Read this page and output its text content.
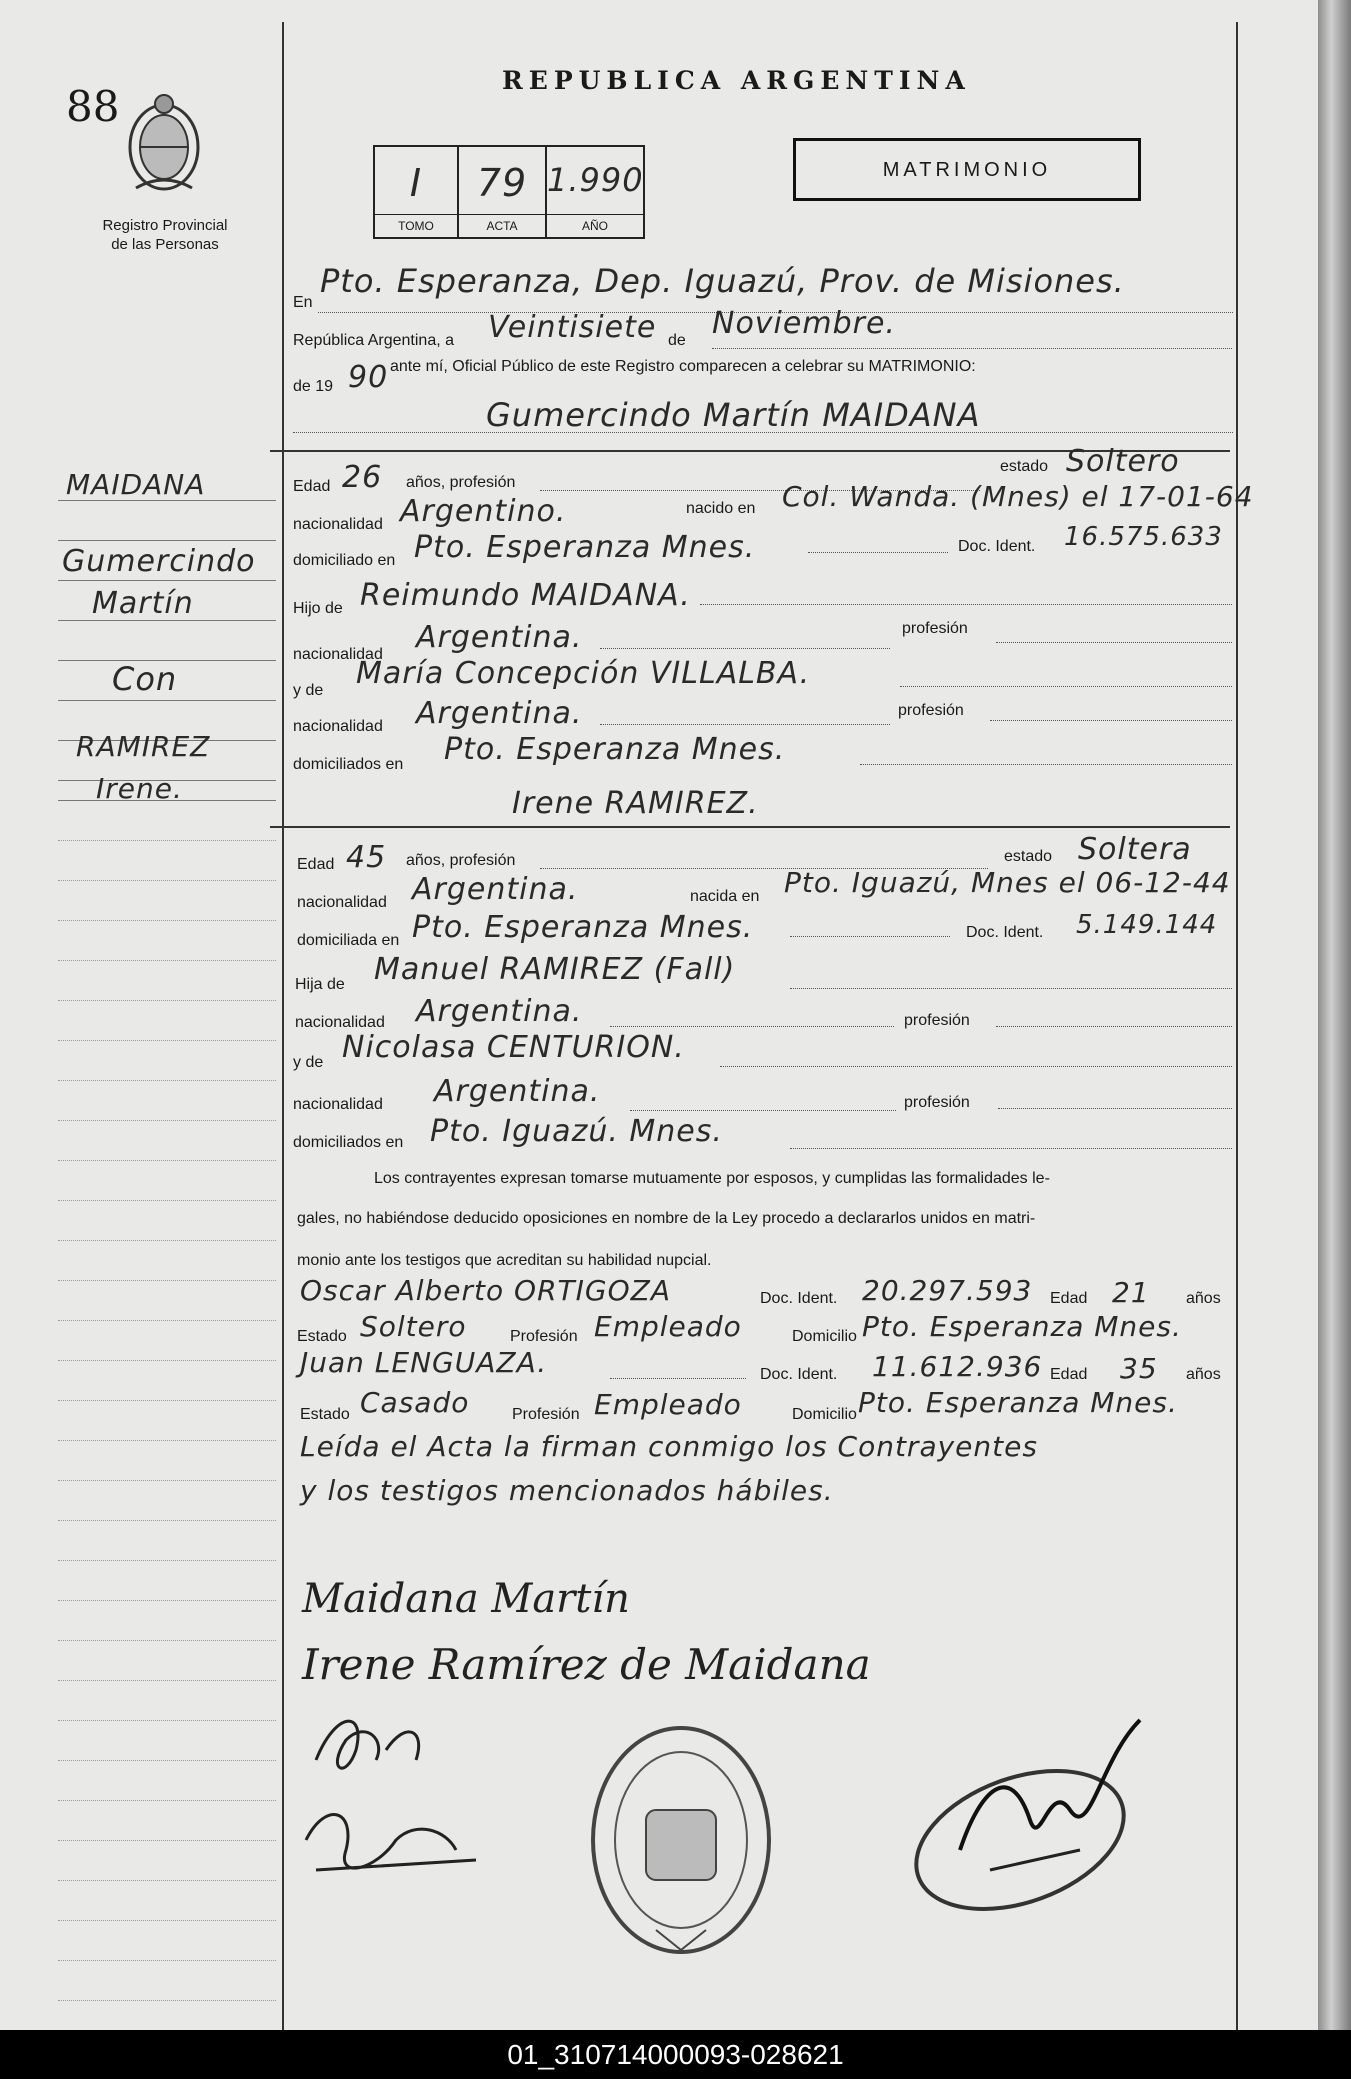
88
Registro Provincial
de las Personas
REPUBLICA ARGENTINA
I
TOMO
79
ACTA
1.990
AÑO
MATRIMONIO
MAIDANA
Gumercindo
Martín
Con
RAMIREZ
Irene.
En
Pto. Esperanza, Dep. Iguazú, Prov. de Misiones.
República Argentina, a Veintisiete de Noviembre.
de 19 90 ante mí, Oficial Público de este Registro comparecen a celebrar su MATRIMONIO:
Gumercindo Martín MAIDANA
Edad 26 años, profesión
estado Soltero
nacionalidad Argentino.	nacido en Col. Wanda. (Mnes) el 17-01-64
domiciliado en Pto. Esperanza Mnes.	Doc. Ident. 16.575.633
Hijo de Reimundo MAIDANA.
nacionalidad Argentina.	profesión
y de María Concepción VILLALBA.
nacionalidad Argentina.	profesión
domiciliados en Pto. Esperanza Mnes.
Irene RAMIREZ.
Edad 45 años, profesión	estado Soltera
nacionalidad Argentina.	nacida en Pto. Iguazú, Mnes el 06-12-44
domiciliada en Pto. Esperanza Mnes.	Doc. Ident. 5.149.144
Hija de Manuel RAMIREZ (Fall)
nacionalidad Argentina.	profesión
y de Nicolasa CENTURION.
nacionalidad Argentina.	profesión
domiciliados en Pto. Iguazú. Mnes.
Los contrayentes expresan tomarse mutuamente por esposos, y cumplidas las formalidades le-
gales, no habiéndose deducido oposiciones en nombre de la Ley procedo a declararlos unidos en matri-
monio ante los testigos que acreditan su habilidad nupcial.
Oscar Alberto ORTIGOZA	Doc. Ident. 20.297.593 Edad 21 años
Estado Soltero	Profesión Empleado	Domicilio Pto. Esperanza Mnes.
Juan LENGUAZA.	Doc. Ident. 11.612.936 Edad 35 años
Estado Casado	Profesión Empleado	Domicilio Pto. Esperanza Mnes.
Leída el Acta la firman conmigo los Contrayentes
y los testigos mencionados hábiles.
Maidana Martín
Irene Ramírez de Maidana
01_310714000093-028621
